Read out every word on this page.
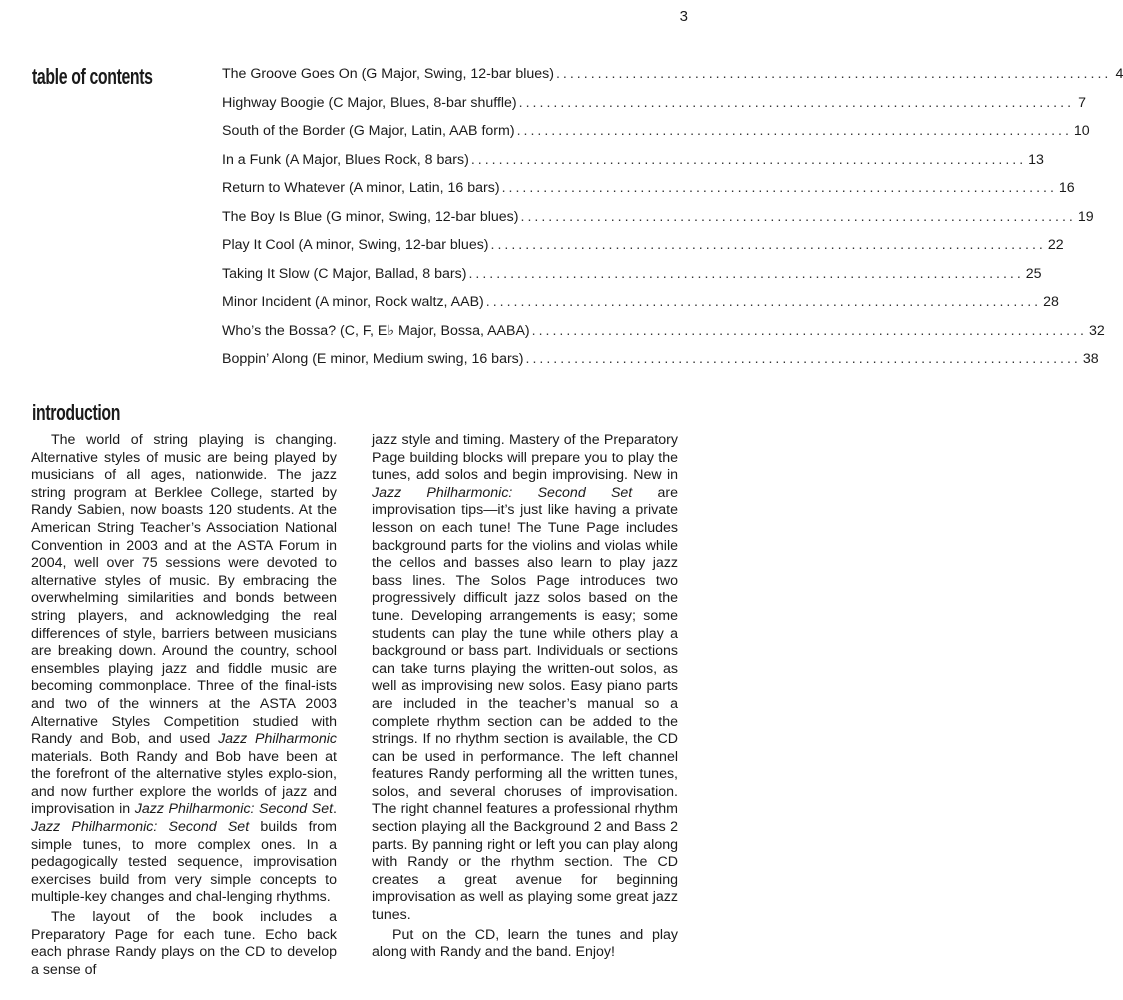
3
table of contents	The Groove Goes On (G Major, Swing, 12-bar blues) ................................................................................ 4
Highway Boogie (C Major, Blues, 8-bar shuffle) ................................................................................ 7
South of the Border (G Major, Latin, AAB form) ................................................................................ 10
In a Funk (A Major, Blues Rock, 8 bars) ................................................................................ 13
Return to Whatever (A minor, Latin, 16 bars) ................................................................................ 16
The Boy Is Blue (G minor, Swing, 12-bar blues) ................................................................................ 19
Play It Cool (A minor, Swing, 12-bar blues) ................................................................................ 22
Taking It Slow (C Major, Ballad, 8 bars) ................................................................................ 25
Minor Incident (A minor, Rock waltz, AAB) ................................................................................ 28
Who’s the Bossa? (C, F, E♭ Major, Bossa, AABA) ................................................................................ 32
Boppin’ Along (E minor, Medium swing, 16 bars) ................................................................................ 38
introduction

The world of string playing is changing. Alternative styles of music are being played by musicians of all ages, nationwide. The jazz string program at Berklee College, started by Randy Sabien, now boasts 120 students. At the American String Teacher’s Association National Convention in 2003 and at the ASTA Forum in 2004, well over 75 sessions were devoted to alternative styles of music. By embracing the overwhelming similarities and bonds between string players, and acknowledging the real differences of style, barriers between musicians are breaking down. Around the country, school ensembles playing jazz and fiddle music are becoming commonplace. Three of the final-ists and two of the winners at the ASTA 2003 Alternative Styles Competition studied with Randy and Bob, and used Jazz Philharmonic materials. Both Randy and Bob have been at the forefront of the alternative styles explo-sion, and now further explore the worlds of jazz and improvisation in Jazz Philharmonic: Second Set. Jazz Philharmonic: Second Set builds from simple tunes, to more complex ones. In a pedagogically tested sequence, improvisation exercises build from very simple concepts to multiple-key changes and chal-lenging rhythms.

The layout of the book includes a Preparatory Page for each tune. Echo back each phrase Randy plays on the CD to develop a sense of

jazz style and timing. Mastery of the Preparatory Page building blocks will prepare you to play the tunes, add solos and begin improvising. New in Jazz Philharmonic: Second Set are improvisation tips—it’s just like having a private lesson on each tune! The Tune Page includes background parts for the violins and violas while the cellos and basses also learn to play jazz bass lines. The Solos Page introduces two progressively difficult jazz solos based on the tune. Developing arrangements is easy; some students can play the tune while others play a background or bass part. Individuals or sections can take turns playing the written-out solos, as well as improvising new solos. Easy piano parts are included in the teacher’s manual so a complete rhythm section can be added to the strings. If no rhythm section is available, the CD can be used in performance. The left channel features Randy performing all the written tunes, solos, and several choruses of improvisation. The right channel features a professional rhythm section playing all the Background 2 and Bass 2 parts. By panning right or left you can play along with Randy or the rhythm section. The CD creates a great avenue for beginning improvisation as well as playing some great jazz tunes.

Put on the CD, learn the tunes and play along with Randy and the band. Enjoy!
